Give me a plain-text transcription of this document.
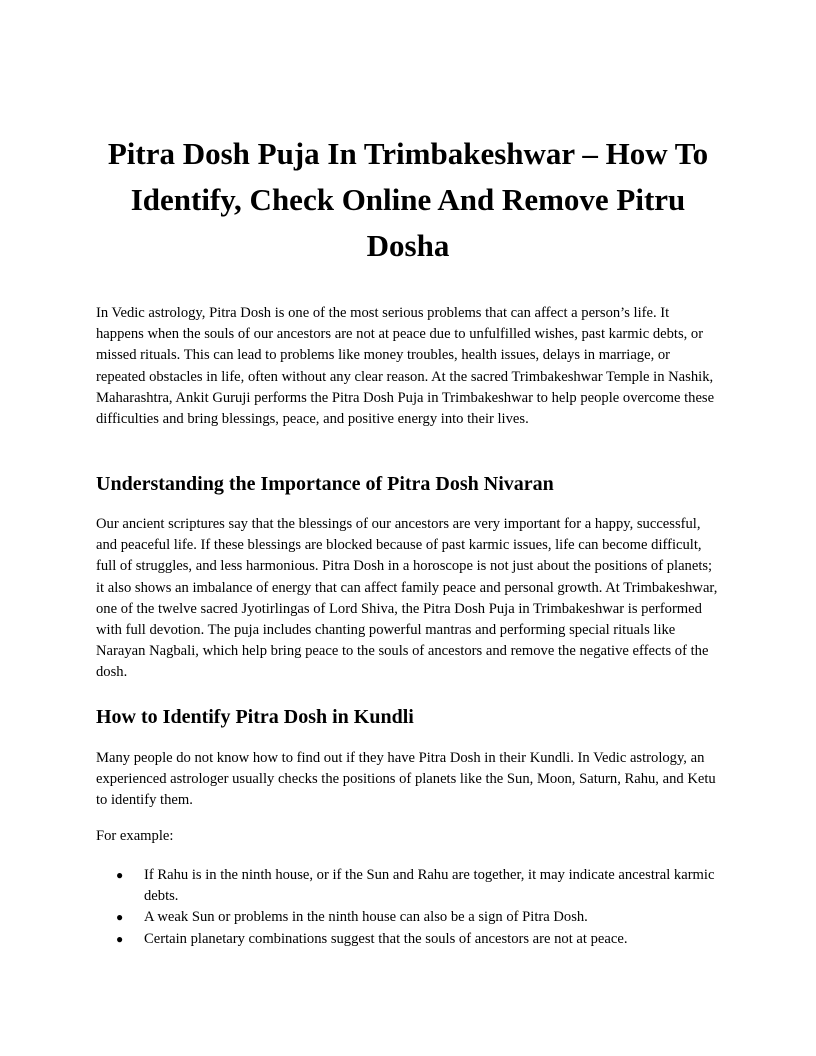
Pitra Dosh Puja In Trimbakeshwar – How To Identify, Check Online And Remove Pitru Dosha

In Vedic astrology, Pitra Dosh is one of the most serious problems that can affect a person’s life. It happens when the souls of our ancestors are not at peace due to unfulfilled wishes, past karmic debts, or missed rituals. This can lead to problems like money troubles, health issues, delays in marriage, or repeated obstacles in life, often without any clear reason. At the sacred Trimbakeshwar Temple in Nashik, Maharashtra, Ankit Guruji performs the Pitra Dosh Puja in Trimbakeshwar to help people overcome these difficulties and bring blessings, peace, and positive energy into their lives.

Understanding the Importance of Pitra Dosh Nivaran

Our ancient scriptures say that the blessings of our ancestors are very important for a happy, successful, and peaceful life. If these blessings are blocked because of past karmic issues, life can become difficult, full of struggles, and less harmonious. Pitra Dosh in a horoscope is not just about the positions of planets; it also shows an imbalance of energy that can affect family peace and personal growth. At Trimbakeshwar, one of the twelve sacred Jyotirlingas of Lord Shiva, the Pitra Dosh Puja in Trimbakeshwar is performed with full devotion. The puja includes chanting powerful mantras and performing special rituals like Narayan Nagbali, which help bring peace to the souls of ancestors and remove the negative effects of the dosh.

How to Identify Pitra Dosh in Kundli

Many people do not know how to find out if they have Pitra Dosh in their Kundli. In Vedic astrology, an experienced astrologer usually checks the positions of planets like the Sun, Moon, Saturn, Rahu, and Ketu to identify them.

For example:

● If Rahu is in the ninth house, or if the Sun and Rahu are together, it may indicate ancestral karmic debts.
● A weak Sun or problems in the ninth house can also be a sign of Pitra Dosh.
● Certain planetary combinations suggest that the souls of ancestors are not at peace.
